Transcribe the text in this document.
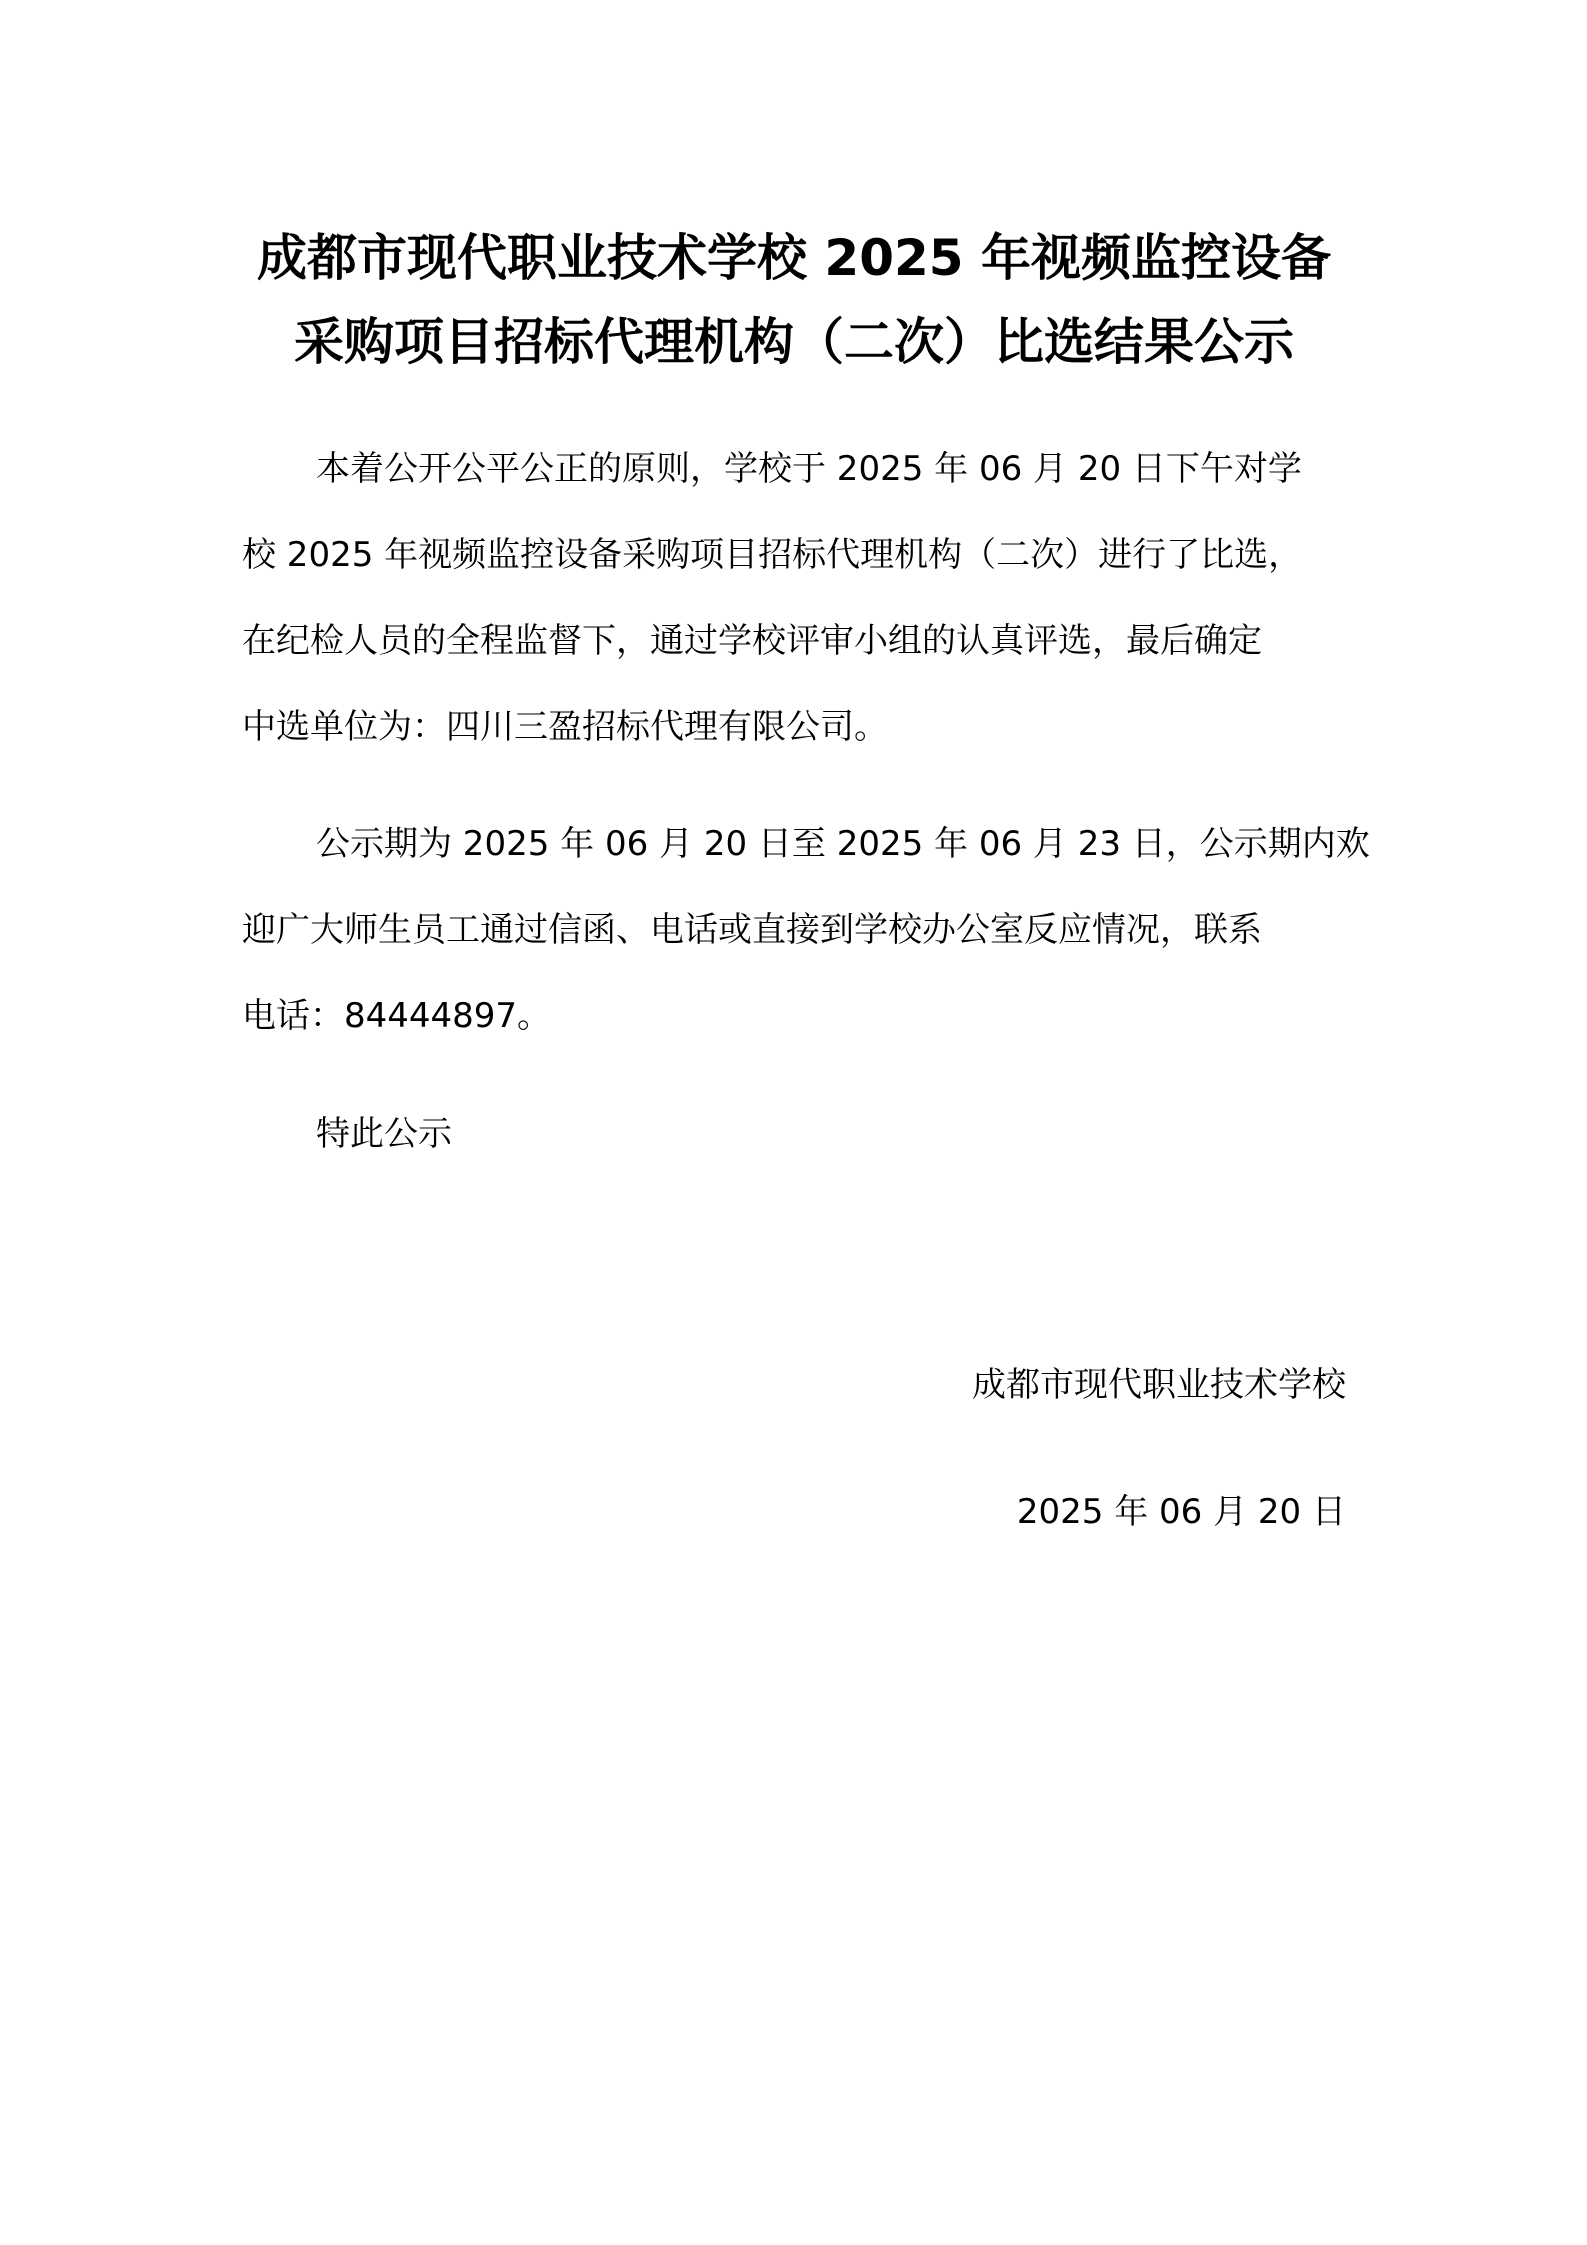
成都市现代职业技术学校 2025 年视频监控设备
采购项目招标代理机构（二次）比选结果公示

本着公开公平公正的原则，学校于 2025 年 06 月 20 日下午对学
校 2025 年视频监控设备采购项目招标代理机构（二次）进行了比选，
在纪检人员的全程监督下，通过学校评审小组的认真评选，最后确定
中选单位为：四川三盈招标代理有限公司。

公示期为 2025 年 06 月 20 日至 2025 年 06 月 23 日，公示期内欢
迎广大师生员工通过信函、电话或直接到学校办公室反应情况，联系
电话：84444897。

特此公示

成都市现代职业技术学校

2025 年 06 月 20 日
